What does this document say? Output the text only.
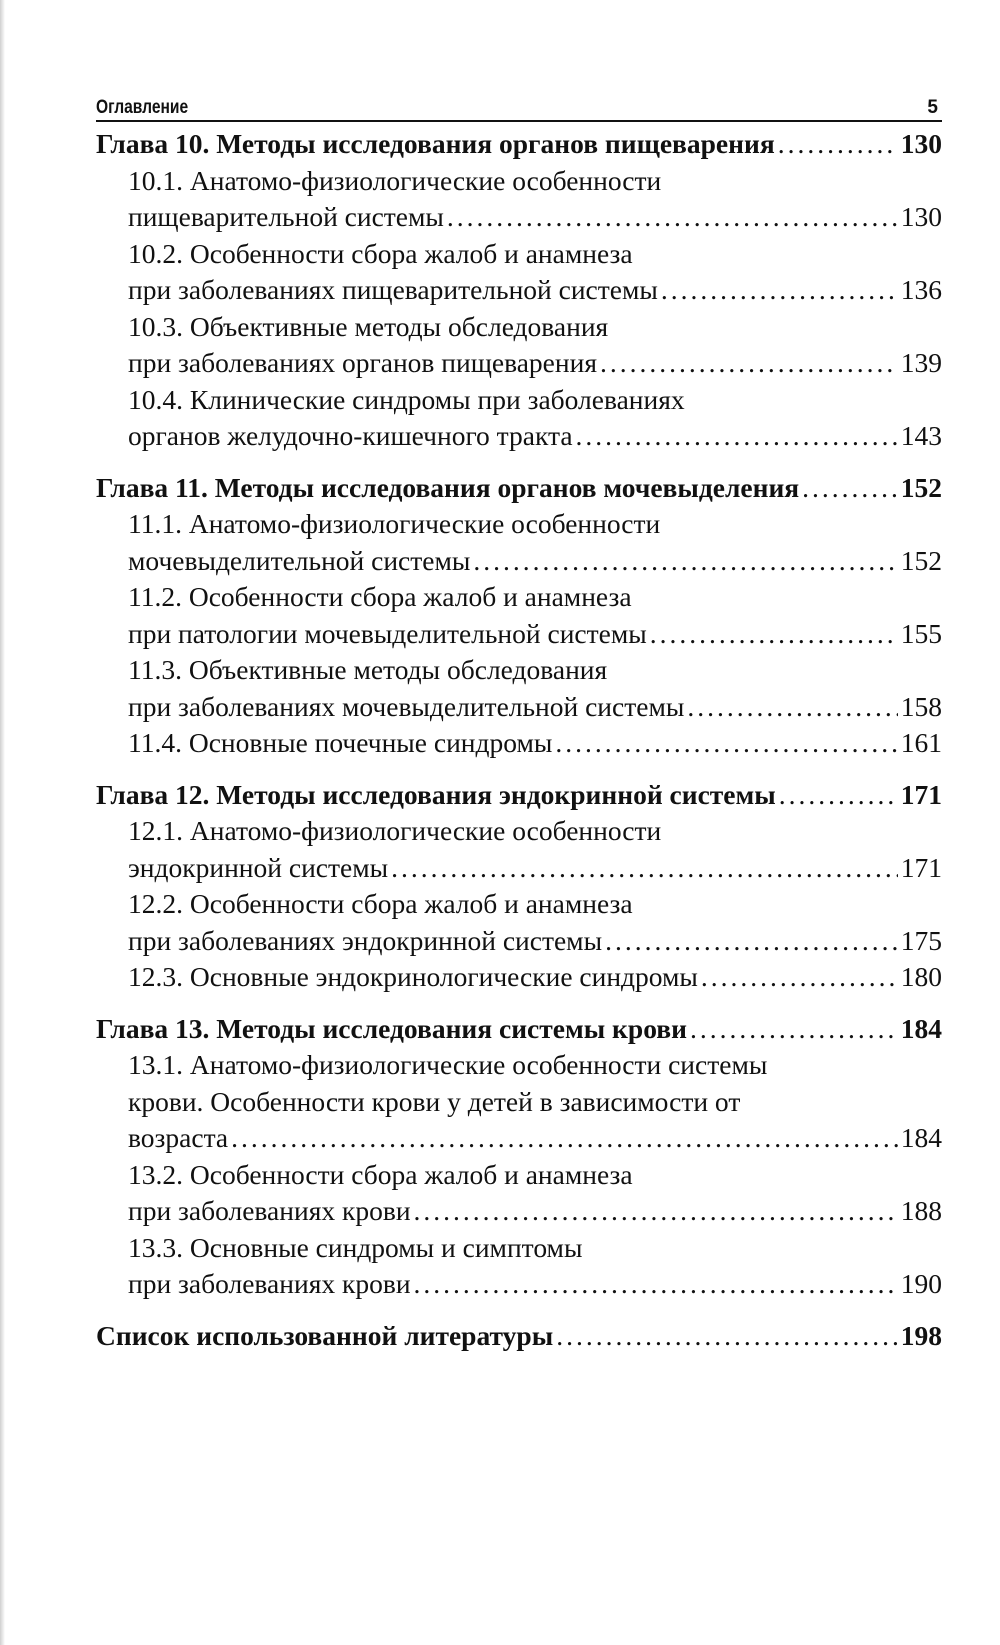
Оглавление	5
Глава 10. Методы исследования органов пищеварения .....	130
10.1. Анатомо-физиологические особенности
пищеварительной системы .....	130
10.2. Особенности сбора жалоб и анамнеза
при заболеваниях пищеварительной системы .....	136
10.3. Объективные методы обследования
при заболеваниях органов пищеварения .....	139
10.4. Клинические синдромы при заболеваниях
органов желудочно-кишечного тракта .....	143
Глава 11. Методы исследования органов мочевыделения .....	152
11.1. Анатомо-физиологические особенности
мочевыделительной системы .....	152
11.2. Особенности сбора жалоб и анамнеза
при патологии мочевыделительной системы .....	155
11.3. Объективные методы обследования
при заболеваниях мочевыделительной системы .....	158
11.4. Основные почечные синдромы .....	161
Глава 12. Методы исследования эндокринной системы .....	171
12.1. Анатомо-физиологические особенности
эндокринной системы .....	171
12.2. Особенности сбора жалоб и анамнеза
при заболеваниях эндокринной системы .....	175
12.3. Основные эндокринологические синдромы .....	180
Глава 13. Методы исследования системы крови .....	184
13.1. Анатомо-физиологические особенности системы
крови. Особенности крови у детей в зависимости от
возраста .....	184
13.2. Особенности сбора жалоб и анамнеза
при заболеваниях крови .....	188
13.3. Основные синдромы и симптомы
при заболеваниях крови .....	190
Список использованной литературы .....	198
